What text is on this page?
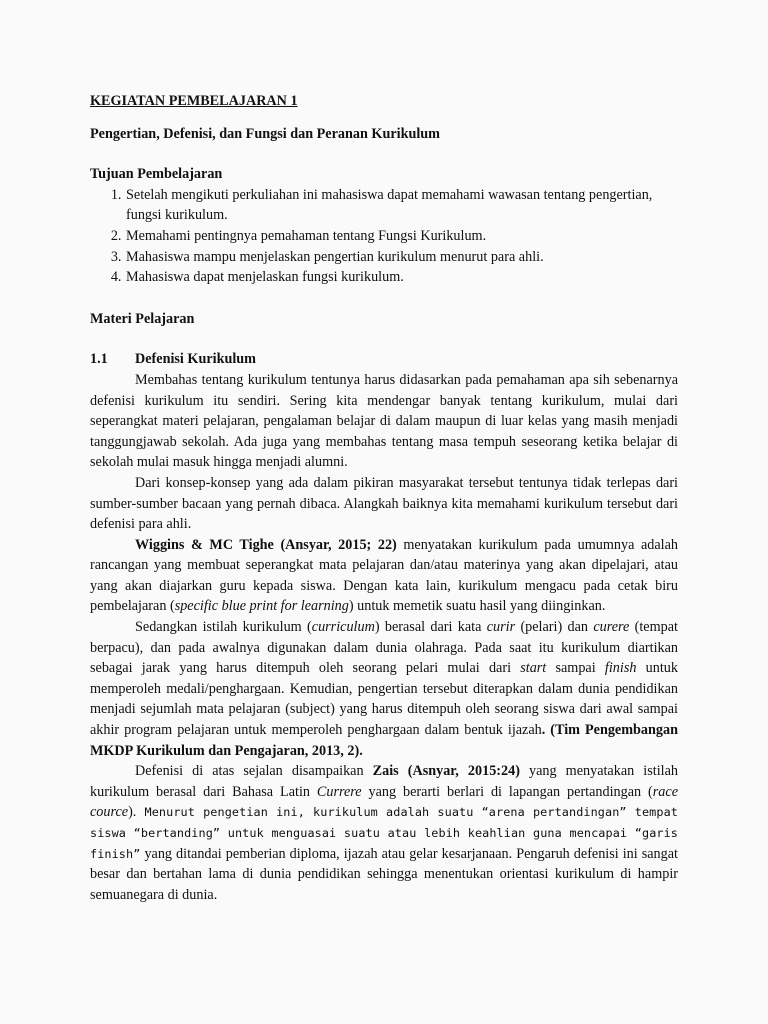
KEGIATAN PEMBELAJARAN 1

Pengertian, Defenisi, dan Fungsi dan Peranan Kurikulum

Tujuan Pembelajaran

1. Setelah mengikuti perkuliahan ini mahasiswa dapat memahami wawasan tentang pengertian, fungsi kurikulum.
2. Memahami pentingnya pemahaman tentang Fungsi Kurikulum.
3. Mahasiswa mampu menjelaskan pengertian kurikulum menurut para ahli.
4. Mahasiswa dapat menjelaskan fungsi kurikulum.

Materi Pelajaran

1.1	Defenisi Kurikulum

Membahas tentang kurikulum tentunya harus didasarkan pada pemahaman apa sih sebenarnya defenisi kurikulum itu sendiri. Sering kita mendengar banyak tentang kurikulum, mulai dari seperangkat materi pelajaran, pengalaman belajar di dalam maupun di luar kelas yang masih menjadi tanggungjawab sekolah. Ada juga yang membahas tentang masa tempuh seseorang ketika belajar di sekolah mulai masuk hingga menjadi alumni.

Dari konsep-konsep yang ada dalam pikiran masyarakat tersebut tentunya tidak terlepas dari sumber-sumber bacaan yang pernah dibaca. Alangkah baiknya kita memahami kurikulum tersebut dari defenisi para ahli.

Wiggins & MC Tighe (Ansyar, 2015; 22) menyatakan kurikulum pada umumnya adalah rancangan yang membuat seperangkat mata pelajaran dan/atau materinya yang akan dipelajari, atau yang akan diajarkan guru kepada siswa. Dengan kata lain, kurikulum mengacu pada cetak biru pembelajaran (specific blue print for learning) untuk memetik suatu hasil yang diinginkan.

Sedangkan istilah kurikulum (curriculum) berasal dari kata curir (pelari) dan curere (tempat berpacu), dan pada awalnya digunakan dalam dunia olahraga. Pada saat itu kurikulum diartikan sebagai jarak yang harus ditempuh oleh seorang pelari mulai dari start sampai finish untuk memperoleh medali/penghargaan. Kemudian, pengertian tersebut diterapkan dalam dunia pendidikan menjadi sejumlah mata pelajaran (subject) yang harus ditempuh oleh seorang siswa dari awal sampai akhir program pelajaran untuk memperoleh penghargaan dalam bentuk ijazah. (Tim Pengembangan MKDP Kurikulum dan Pengajaran, 2013, 2).

Defenisi di atas sejalan disampaikan Zais (Asnyar, 2015:24) yang menyatakan istilah kurikulum berasal dari Bahasa Latin Currere yang berarti berlari di lapangan pertandingan (race cource). Menurut pengetian ini, kurikulum adalah suatu “arena pertandingan” tempat siswa “bertanding” untuk menguasai suatu atau lebih keahlian guna mencapai “garis finish” yang ditandai pemberian diploma, ijazah atau gelar kesarjanaan. Pengaruh defenisi ini sangat besar dan bertahan lama di dunia pendidikan sehingga menentukan orientasi kurikulum di hampir semuanegara di dunia.
